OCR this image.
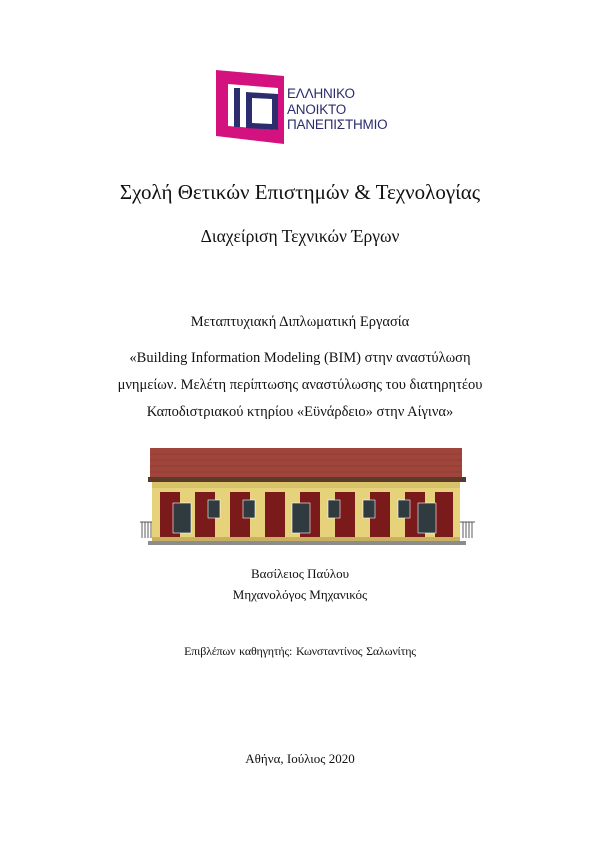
ΕΛΛΗΝΙΚΟ
ΑΝΟΙΚΤΟ
ΠΑΝΕΠΙΣΤΗΜΙΟ
Σχολή Θετικών Επιστημών & Τεχνολογίας
Διαχείριση Τεχνικών Έργων
Μεταπτυχιακή Διπλωματική Εργασία
«Building Information Modeling (BIM) στην αναστύλωση
μνημείων. Μελέτη περίπτωσης αναστύλωσης του διατηρητέου
Καποδιστριακού κτηρίου «Εϋνάρδειο» στην Αίγινα»
Βασίλειος Παύλου
Μηχανολόγος Μηχανικός
Επιβλέπων καθηγητής: Κωνσταντίνος Σαλωνίτης
Αθήνα, Ιούλιος 2020
